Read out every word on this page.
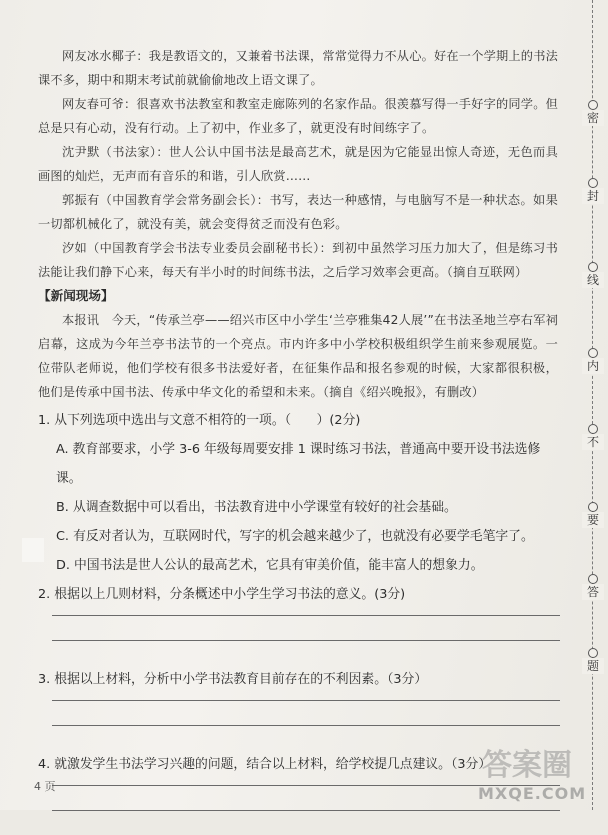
网友冰水椰子：我是教语文的，又兼着书法课，常常觉得力不从心。好在一个学期上的书法课不多，期中和期末考试前就偷偷地改上语文课了。

网友春可爷：很喜欢书法教室和教室走廊陈列的名家作品。很羡慕写得一手好字的同学。但总是只有心动，没有行动。上了初中，作业多了，就更没有时间练字了。

沈尹默（书法家）：世人公认中国书法是最高艺术，就是因为它能显出惊人奇迹，无色而具画图的灿烂，无声而有音乐的和谐，引人欣赏……

郭振有（中国教育学会常务副会长）：书写，表达一种感情，与电脑写不是一种状态。如果一切都机械化了，就没有美，就会变得贫乏而没有色彩。

汐如（中国教育学会书法专业委员会副秘书长）：到初中虽然学习压力加大了，但是练习书法能让我们静下心来，每天有半小时的时间练书法，之后学习效率会更高。（摘自互联网）

【新闻现场】

本报讯　今天，“传承兰亭——绍兴市区中小学生‘兰亭雅集42人展’”在书法圣地兰亭右军祠启幕，这成为今年兰亭书法节的一个亮点。市内许多中小学校积极组织学生前来参观展览。一位带队老师说，他们学校有很多书法爱好者，在征集作品和报名参观的时候，大家都很积极，他们是传承中国书法、传承中华文化的希望和未来。（摘自《绍兴晚报》，有删改）

1. 从下列选项中选出与文意不相符的一项。（　　）(2分)

A. 教育部要求，小学 3-6 年级每周要安排 1 课时练习书法，普通高中要开设书法选修课。

B. 从调查数据中可以看出，书法教育进中小学课堂有较好的社会基础。

C. 有反对者认为，互联网时代，写字的机会越来越少了，也就没有必要学毛笔字了。

D. 中国书法是世人公认的最高艺术，它具有审美价值，能丰富人的想象力。

2. 根据以上几则材料，分条概述中小学生学习书法的意义。(3分)

3. 根据以上材料，分析中小学书法教育目前存在的不利因素。（3分）

4. 就激发学生书法学习兴趣的问题，结合以上材料，给学校提几点建议。（3分）

密
封
线
内
不
要
答
题
4 页
答案圈
MXQE.COM
